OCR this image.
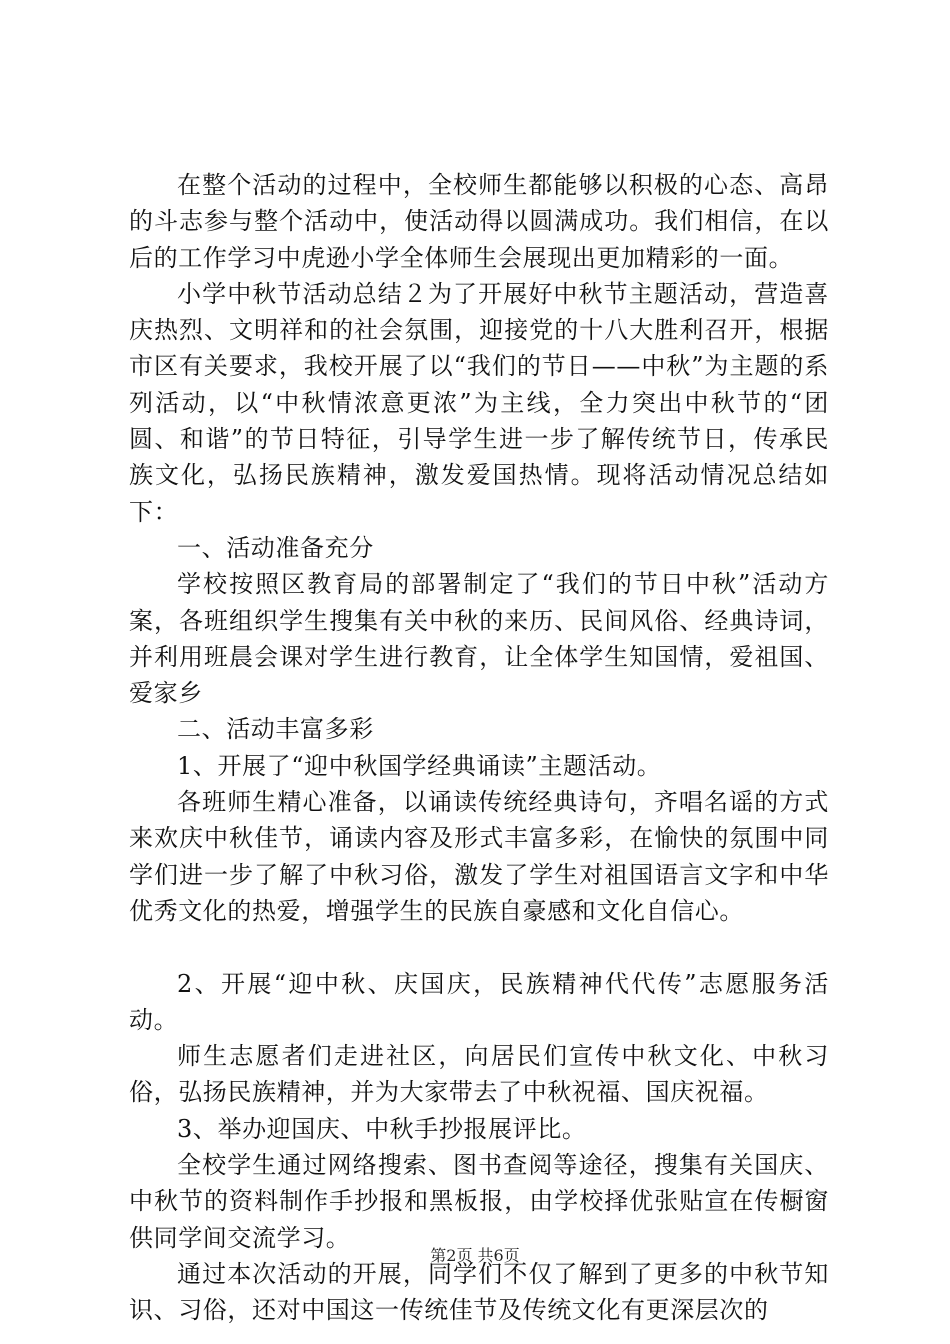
在整个活动的过程中，全校师生都能够以积极的心态、高昂的斗志参与整个活动中，使活动得以圆满成功。我们相信，在以后的工作学习中虎逊小学全体师生会展现出更加精彩的一面。

小学中秋节活动总结２为了开展好中秋节主题活动，营造喜庆热烈、文明祥和的社会氛围，迎接党的十八大胜利召开，根据市区有关要求，我校开展了以“我们的节日——中秋”为主题的系列活动，以“中秋情浓意更浓”为主线，全力突出中秋节的“团圆、和谐”的节日特征，引导学生进一步了解传统节日，传承民族文化，弘扬民族精神，激发爱国热情。现将活动情况总结如下：

一、活动准备充分

学校按照区教育局的部署制定了“我们的节日中秋”活动方案，各班组织学生搜集有关中秋的来历、民间风俗、经典诗词，并利用班晨会课对学生进行教育，让全体学生知国情，爱祖国、爱家乡

二、活动丰富多彩

1、开展了“迎中秋国学经典诵读”主题活动。

各班师生精心准备，以诵读传统经典诗句，齐唱名谣的方式来欢庆中秋佳节，诵读内容及形式丰富多彩，在愉快的氛围中同学们进一步了解了中秋习俗，激发了学生对祖国语言文字和中华优秀文化的热爱，增强学生的民族自豪感和文化自信心。

2、开展“迎中秋、庆国庆，民族精神代代传”志愿服务活动。

师生志愿者们走进社区，向居民们宣传中秋文化、中秋习俗，弘扬民族精神，并为大家带去了中秋祝福、国庆祝福。

3、举办迎国庆、中秋手抄报展评比。

全校学生通过网络搜索、图书查阅等途径，搜集有关国庆、中秋节的资料制作手抄报和黑板报，由学校择优张贴宣在传橱窗供同学间交流学习。

通过本次活动的开展，同学们不仅了解到了更多的中秋节知识、习俗，还对中国这一传统佳节及传统文化有更深层次的

第2页 共6页
